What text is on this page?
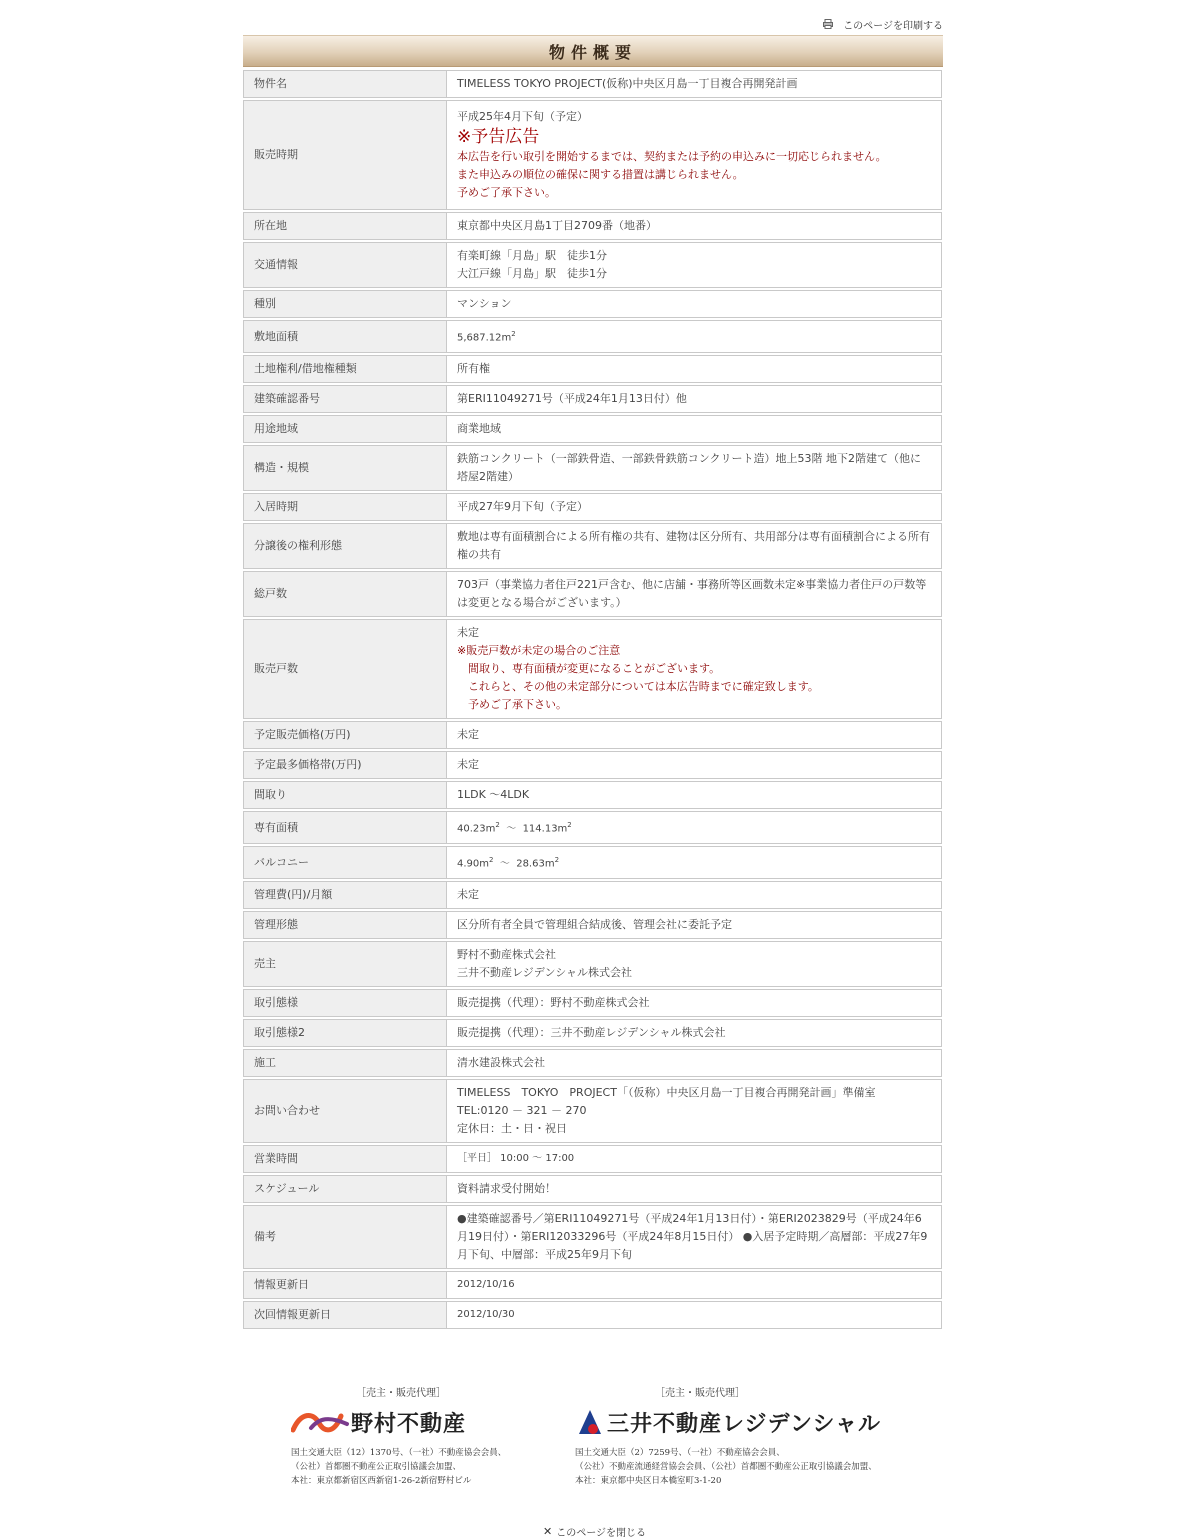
このページを印刷する
物件概要
物件名	TIMELESS TOKYO PROJECT(仮称)中央区月島一丁目複合再開発計画
販売時期	平成25年4月下旬（予定）
※予告広告
本広告を行い取引を開始するまでは、契約または予約の申込みに一切応じられません。
また申込みの順位の確保に関する措置は講じられません。
予めご了承下さい。

所在地	東京都中央区月島1丁目2709番（地番）
交通情報	有楽町線「月島」駅　徒歩1分
大江戸線「月島」駅　徒歩1分

種別	マンション
敷地面積	$5,687.12m^2$
土地権利/借地権種類	所有権
建築確認番号	第ERI11049271号（平成24年1月13日付）他
用途地域	商業地域
構造・規模	鉄筋コンクリート（一部鉄骨造、一部鉄骨鉄筋コンクリート造）地上53階 地下2階建て（他に塔屋2階建）
入居時期	平成27年9月下旬（予定）
分譲後の権利形態	敷地は専有面積割合による所有権の共有、建物は区分所有、共用部分は専有面積割合による所有権の共有
総戸数	703戸（事業協力者住戸221戸含む、他に店舗・事務所等区画数未定※事業協力者住戸の戸数等は変更となる場合がございます。）
販売戸数	未定
※販売戸数が未定の場合のご注意
　間取り、専有面積が変更になることがございます。
　これらと、その他の未定部分については本広告時までに確定致します。
　予めご了承下さい。

予定販売価格(万円)	未定
予定最多価格帯(万円)	未定
間取り	1LDK ～4LDK
専有面積	$40.23m^2$ ～ $114.13m^2$
バルコニー	$4.90m^2$ ～ $28.63m^2$
管理費(円)/月額	未定
管理形態	区分所有者全員で管理組合結成後、管理会社に委託予定
売主	野村不動産株式会社
三井不動産レジデンシャル株式会社

取引態様	販売提携（代理）：野村不動産株式会社
取引態様2	販売提携（代理）：三井不動産レジデンシャル株式会社
施工	清水建設株式会社
お問い合わせ	TIMELESS　TOKYO　PROJECT「（仮称）中央区月島一丁目複合再開発計画」準備室
TEL:0120 － 321 － 270
定休日：土・日・祝日

営業時間	［平日］ 10:00 ～ 17:00
スケジュール	資料請求受付開始！
備考	●建築確認番号／第ERI11049271号（平成24年1月13日付）・第ERI2023829号（平成24年6月19日付）・第ERI12033296号（平成24年8月15日付） ●入居予定時期／高層部：平成27年9月下旬、中層部：平成25年9月下旬
情報更新日	2012/10/16
次回情報更新日	2012/10/30
［売主・販売代理］
野村不動産
国土交通大臣（12）1370号、（一社）不動産協会会員、
（公社）首都圏不動産公正取引協議会加盟、
本社：東京都新宿区西新宿1-26-2新宿野村ビル
［売主・販売代理］
三井不動産レジデンシャル
国土交通大臣（2）7259号、（一社）不動産協会会員、
（公社）不動産流通経営協会会員、（公社）首都圏不動産公正取引協議会加盟、
本社：東京都中央区日本橋室町3-1-20
✕ このページを閉じる
